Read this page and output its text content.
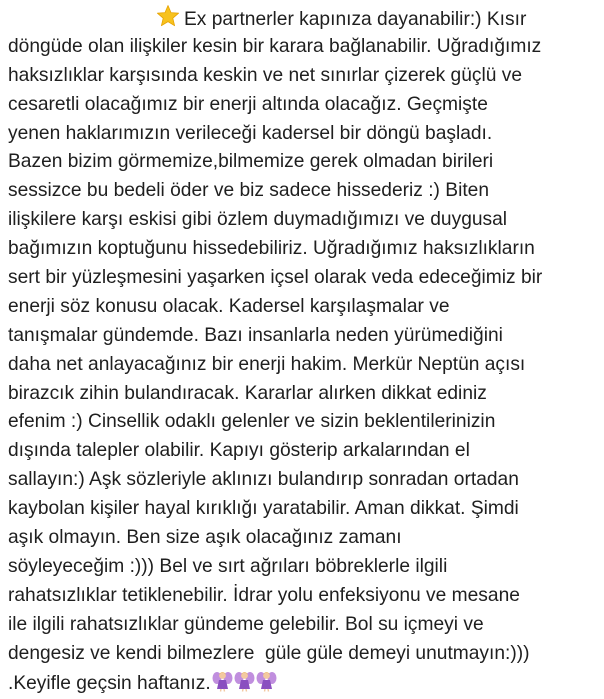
Ex partnerler kapınıza dayanabilir:) Kısır
döngüde olan ilişkiler kesin bir karara bağlanabilir. Uğradığımız
haksızlıklar karşısında keskin ve net sınırlar çizerek güçlü ve
cesaretli olacağımız bir enerji altında olacağız. Geçmişte
yenen haklarımızın verileceği kadersel bir döngü başladı.
Bazen bizim görmemize,bilmemize gerek olmadan birileri
sessizce bu bedeli öder ve biz sadece hissederiz :) Biten
ilişkilere karşı eskisi gibi özlem duymadığımızı ve duygusal
bağımızın koptuğunu hissedebiliriz. Uğradığımız haksızlıkların
sert bir yüzleşmesini yaşarken içsel olarak veda edeceğimiz bir
enerji söz konusu olacak. Kadersel karşılaşmalar ve
tanışmalar gündemde. Bazı insanlarla neden yürümediğini
daha net anlayacağınız bir enerji hakim. Merkür Neptün açısı
birazcık zihin bulandıracak. Kararlar alırken dikkat ediniz
efenim :) Cinsellik odaklı gelenler ve sizin beklentilerinizin
dışında talepler olabilir. Kapıyı gösterip arkalarından el
sallayın:) Aşk sözleriyle aklınızı bulandırıp sonradan ortadan
kaybolan kişiler hayal kırıklığı yaratabilir. Aman dikkat. Şimdi
aşık olmayın. Ben size aşık olacağınız zamanı
söyleyeceğim :))) Bel ve sırt ağrıları böbreklerle ilgili
rahatsızlıklar tetiklenebilir. İdrar yolu enfeksiyonu ve mesane
ile ilgili rahatsızlıklar gündeme gelebilir. Bol su içmeyi ve
dengesiz ve kendi bilmezlere  güle güle demeyi unutmayın:)))
.Keyifle geçsin haftanız.
